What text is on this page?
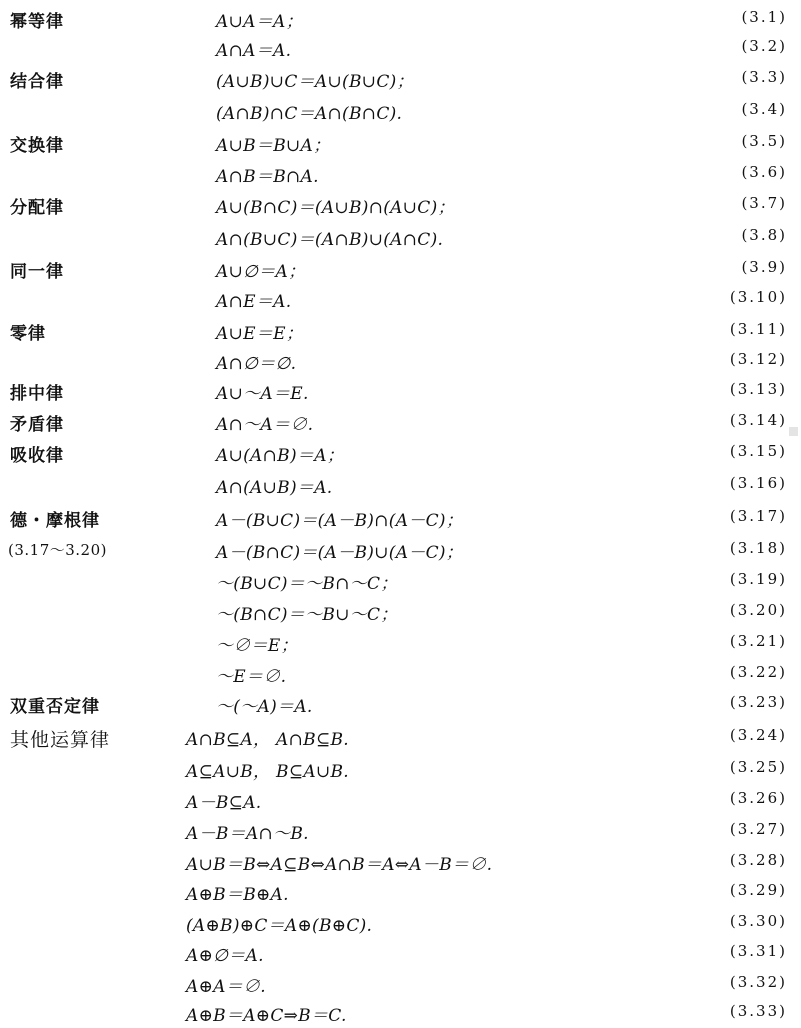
幂等律	A∪A＝A；	(3.1)
A∩A＝A.	(3.2)
结合律	(A∪B)∪C＝A∪(B∪C)；	(3.3)
(A∩B)∩C＝A∩(B∩C).	(3.4)
交换律	A∪B＝B∪A；	(3.5)
A∩B＝B∩A.	(3.6)
分配律	A∪(B∩C)＝(A∪B)∩(A∪C)；	(3.7)
A∩(B∪C)＝(A∩B)∪(A∩C).	(3.8)
同一律	A∪∅＝A；	(3.9)
A∩E＝A.	(3.10)
零律	A∪E＝E；	(3.11)
A∩∅＝∅.	(3.12)
排中律	A∪～A＝E.	(3.13)
矛盾律	A∩～A＝∅.	(3.14)
吸收律	A∪(A∩B)＝A；	(3.15)
A∩(A∪B)＝A.	(3.16)
德・摩根律	A－(B∪C)＝(A－B)∩(A－C)；	(3.17)
(3.17～3.20)	A－(B∩C)＝(A－B)∪(A－C)；	(3.18)
～(B∪C)＝～B∩～C；	(3.19)
～(B∩C)＝～B∪～C；	(3.20)
～∅＝E；	(3.21)
～E＝∅.	(3.22)
双重否定律	～(～A)＝A.	(3.23)
其他运算律	A∩B⊆A， A∩B⊆B.	(3.24)
A⊆A∪B， B⊆A∪B.	(3.25)
A－B⊆A.	(3.26)
A－B＝A∩～B.	(3.27)
A∪B＝B⇔A⊆B⇔A∩B＝A⇔A－B＝∅.	(3.28)
A⊕B＝B⊕A.	(3.29)
(A⊕B)⊕C＝A⊕(B⊕C).	(3.30)
A⊕∅＝A.	(3.31)
A⊕A＝∅.	(3.32)
A⊕B＝A⊕C⇒B＝C.	(3.33)
